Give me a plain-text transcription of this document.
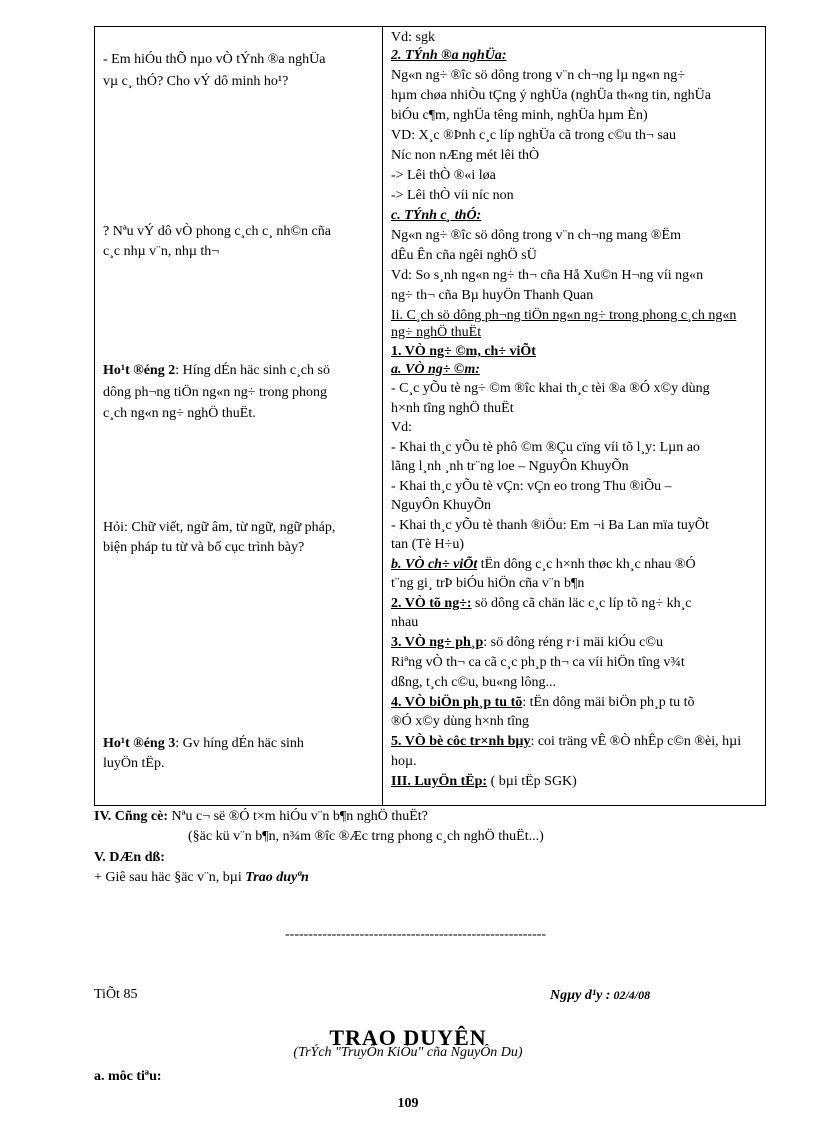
- Em hiÓu thÕ nµo vÒ tÝnh ®a nghÜa
vµ c¸ thÓ? Cho vÝ dô minh ho¹?
? Nªu vÝ dô vÒ phong c¸ch c¸ nh©n cña
c¸c nhµ v¨n, nhµ th¬
Ho¹t ®éng 2: Híng dÉn häc sinh c¸ch sö
dông ph¬ng tiÖn ng«n ng÷ trong phong
c¸ch ng«n ng÷ nghÖ thuËt.
Hỏi: Chữ viết, ngữ âm, từ ngữ, ngữ pháp,
biện pháp tu từ và bố cục trình bày?
Ho¹t ®éng 3: Gv híng dÉn häc sinh
luyÖn tËp.
Vd: sgk
2. TÝnh ®a nghÜa:
Ng«n ng÷ ®îc sö dông trong v¨n ch¬ng lµ ng«n ng÷
hµm chøa nhiÒu tÇng ý nghÜa (nghÜa th«ng tin, nghÜa
biÓu c¶m, nghÜa têng minh, nghÜa hµm Èn)
VD: X¸c ®Þnh c¸c líp nghÜa cã trong c©u th¬ sau
Níc non nÆng mét lêi thÒ
-> Lêi thÒ ®«i løa
-> Lêi thÒ víi níc non
c. TÝnh c¸ thÓ:
Ng«n ng÷ ®îc sö dông trong v¨n ch¬ng mang ®Ëm
dÊu Ên cña ngêi nghÖ sÜ
Vd: So s¸nh ng«n ng÷ th¬ cña Hå Xu©n H¬ng víi ng«n
ng÷ th¬ cña Bµ huyÖn Thanh Quan
Ii. C¸ch sö dông ph¬ng tiÖn ng«n ng÷ trong phong c¸ch ng«n
ng÷ nghÖ thuËt
1. VÒ ng÷ ©m, ch÷ viÕt
a. VÒ ng÷ ©m:
- C¸c yÕu tè ng÷ ©m ®îc khai th¸c tèi ®a ®Ó x©y dùng
h×nh tîng nghÖ thuËt
Vd:
- Khai th¸c yÕu tè phô ©m ®Çu cïng víi tõ l¸y: Lµn ao
lãng l¸nh ¸nh tr¨ng loe – NguyÔn KhuyÕn
- Khai th¸c yÕu tè vÇn: vÇn eo trong Thu ®iÕu –
NguyÔn KhuyÕn
- Khai th¸c yÕu tè thanh ®iÖu: Em ¬i Ba Lan mïa tuyÕt
tan (Tè H÷u)
b. VÒ ch÷ viÕt tËn dông c¸c h×nh thøc kh¸c nhau ®Ó
t¨ng gi¸ trÞ biÓu hiÖn cña v¨n b¶n
2. VÒ tõ ng÷: sö dông cã chän läc c¸c líp tõ ng÷ kh¸c
nhau
3. VÒ ng÷ ph¸p: sö dông réng r·i mäi kiÓu c©u
Riªng vÒ th¬ ca cã c¸c ph¸p th¬ ca víi hiÖn tîng v¾t
dßng, t¸ch c©u, bu«ng lông...
4. VÒ biÖn ph¸p tu tõ: tËn dông mäi biÖn ph¸p tu tõ
®Ó x©y dùng h×nh tîng
5. VÒ bè côc tr×nh bµy: coi träng vÊ ®Ò nhÊp c©n ®èi, hµi
hoµ.
III. LuyÖn tËp: ( bµi tËp SGK)
IV. Cñng cè: Nªu c¬ së ®Ó t×m hiÓu v¨n b¶n nghÖ thuËt?
(§äc kü v¨n b¶n, n¾m ®îc ®Æc trng phong c¸ch nghÖ thuËt...)
V. DÆn dß:
+ Giê sau häc §äc v¨n, bµi Trao duyªn
--------------------------------------------------------
TiÕt 85	Ngµy d¹y : 02/4/08
TRAO DUYÊN
(TrÝch "TruyÖn KiÒu" cña NguyÔn Du)
a. môc tiªu:
109
